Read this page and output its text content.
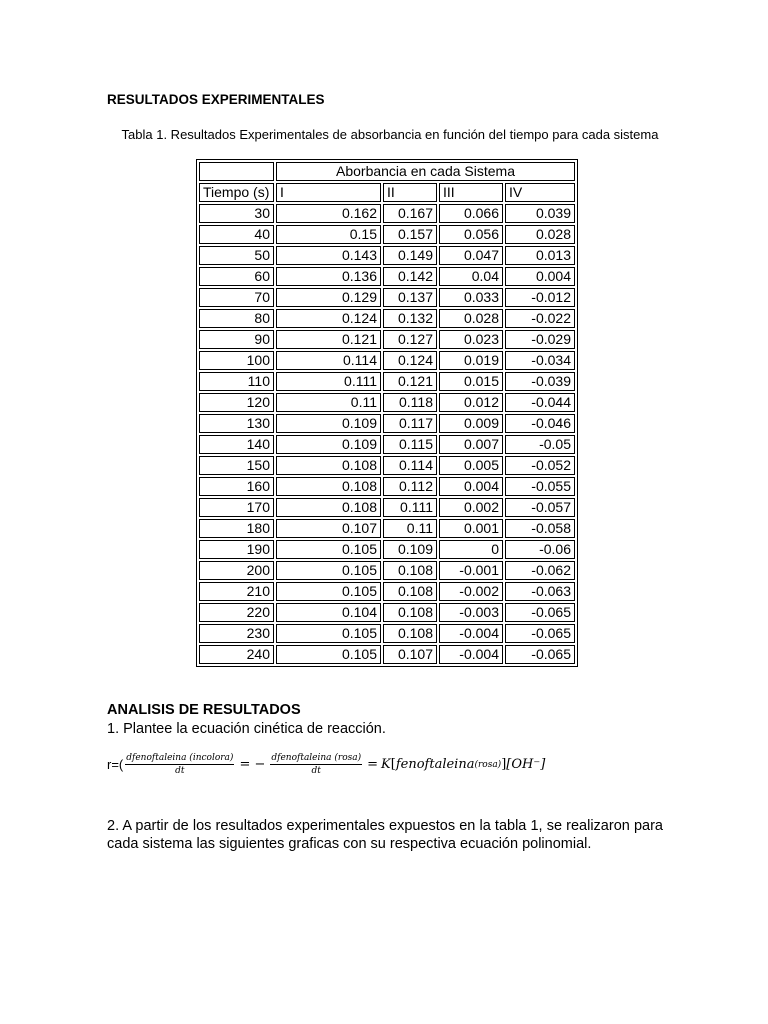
RESULTADOS EXPERIMENTALES
Tabla 1. Resultados Experimentales de absorbancia en función del tiempo para cada sistema
	Aborbancia en cada Sistema			
Tiempo (s)	I	II	III	IV
30	0.162	0.167	0.066	0.039
40	0.15	0.157	0.056	0.028
50	0.143	0.149	0.047	0.013
60	0.136	0.142	0.04	0.004
70	0.129	0.137	0.033	-0.012
80	0.124	0.132	0.028	-0.022
90	0.121	0.127	0.023	-0.029
100	0.114	0.124	0.019	-0.034
110	0.111	0.121	0.015	-0.039
120	0.11	0.118	0.012	-0.044
130	0.109	0.117	0.009	-0.046
140	0.109	0.115	0.007	-0.05
150	0.108	0.114	0.005	-0.052
160	0.108	0.112	0.004	-0.055
170	0.108	0.111	0.002	-0.057
180	0.107	0.11	0.001	-0.058
190	0.105	0.109	0	-0.06
200	0.105	0.108	-0.001	-0.062
210	0.105	0.108	-0.002	-0.063
220	0.104	0.108	-0.003	-0.065
230	0.105	0.108	-0.004	-0.065
240	0.105	0.107	-0.004	-0.065
ANALISIS DE RESULTADOS
1. Plantee la ecuación cinética de reacción.
$r=( \frac{\text{dfenoftaleina (incolora)}}{dt}$ = − $\frac{\text{dfenoftaleina (rosa)}}{dt} = K$ [ fenoftaleina (rosa) ] [OH⁻]
2. A partir de los resultados experimentales expuestos en la tabla 1, se realizaron para cada sistema las siguientes graficas con su respectiva ecuación polinomial.
